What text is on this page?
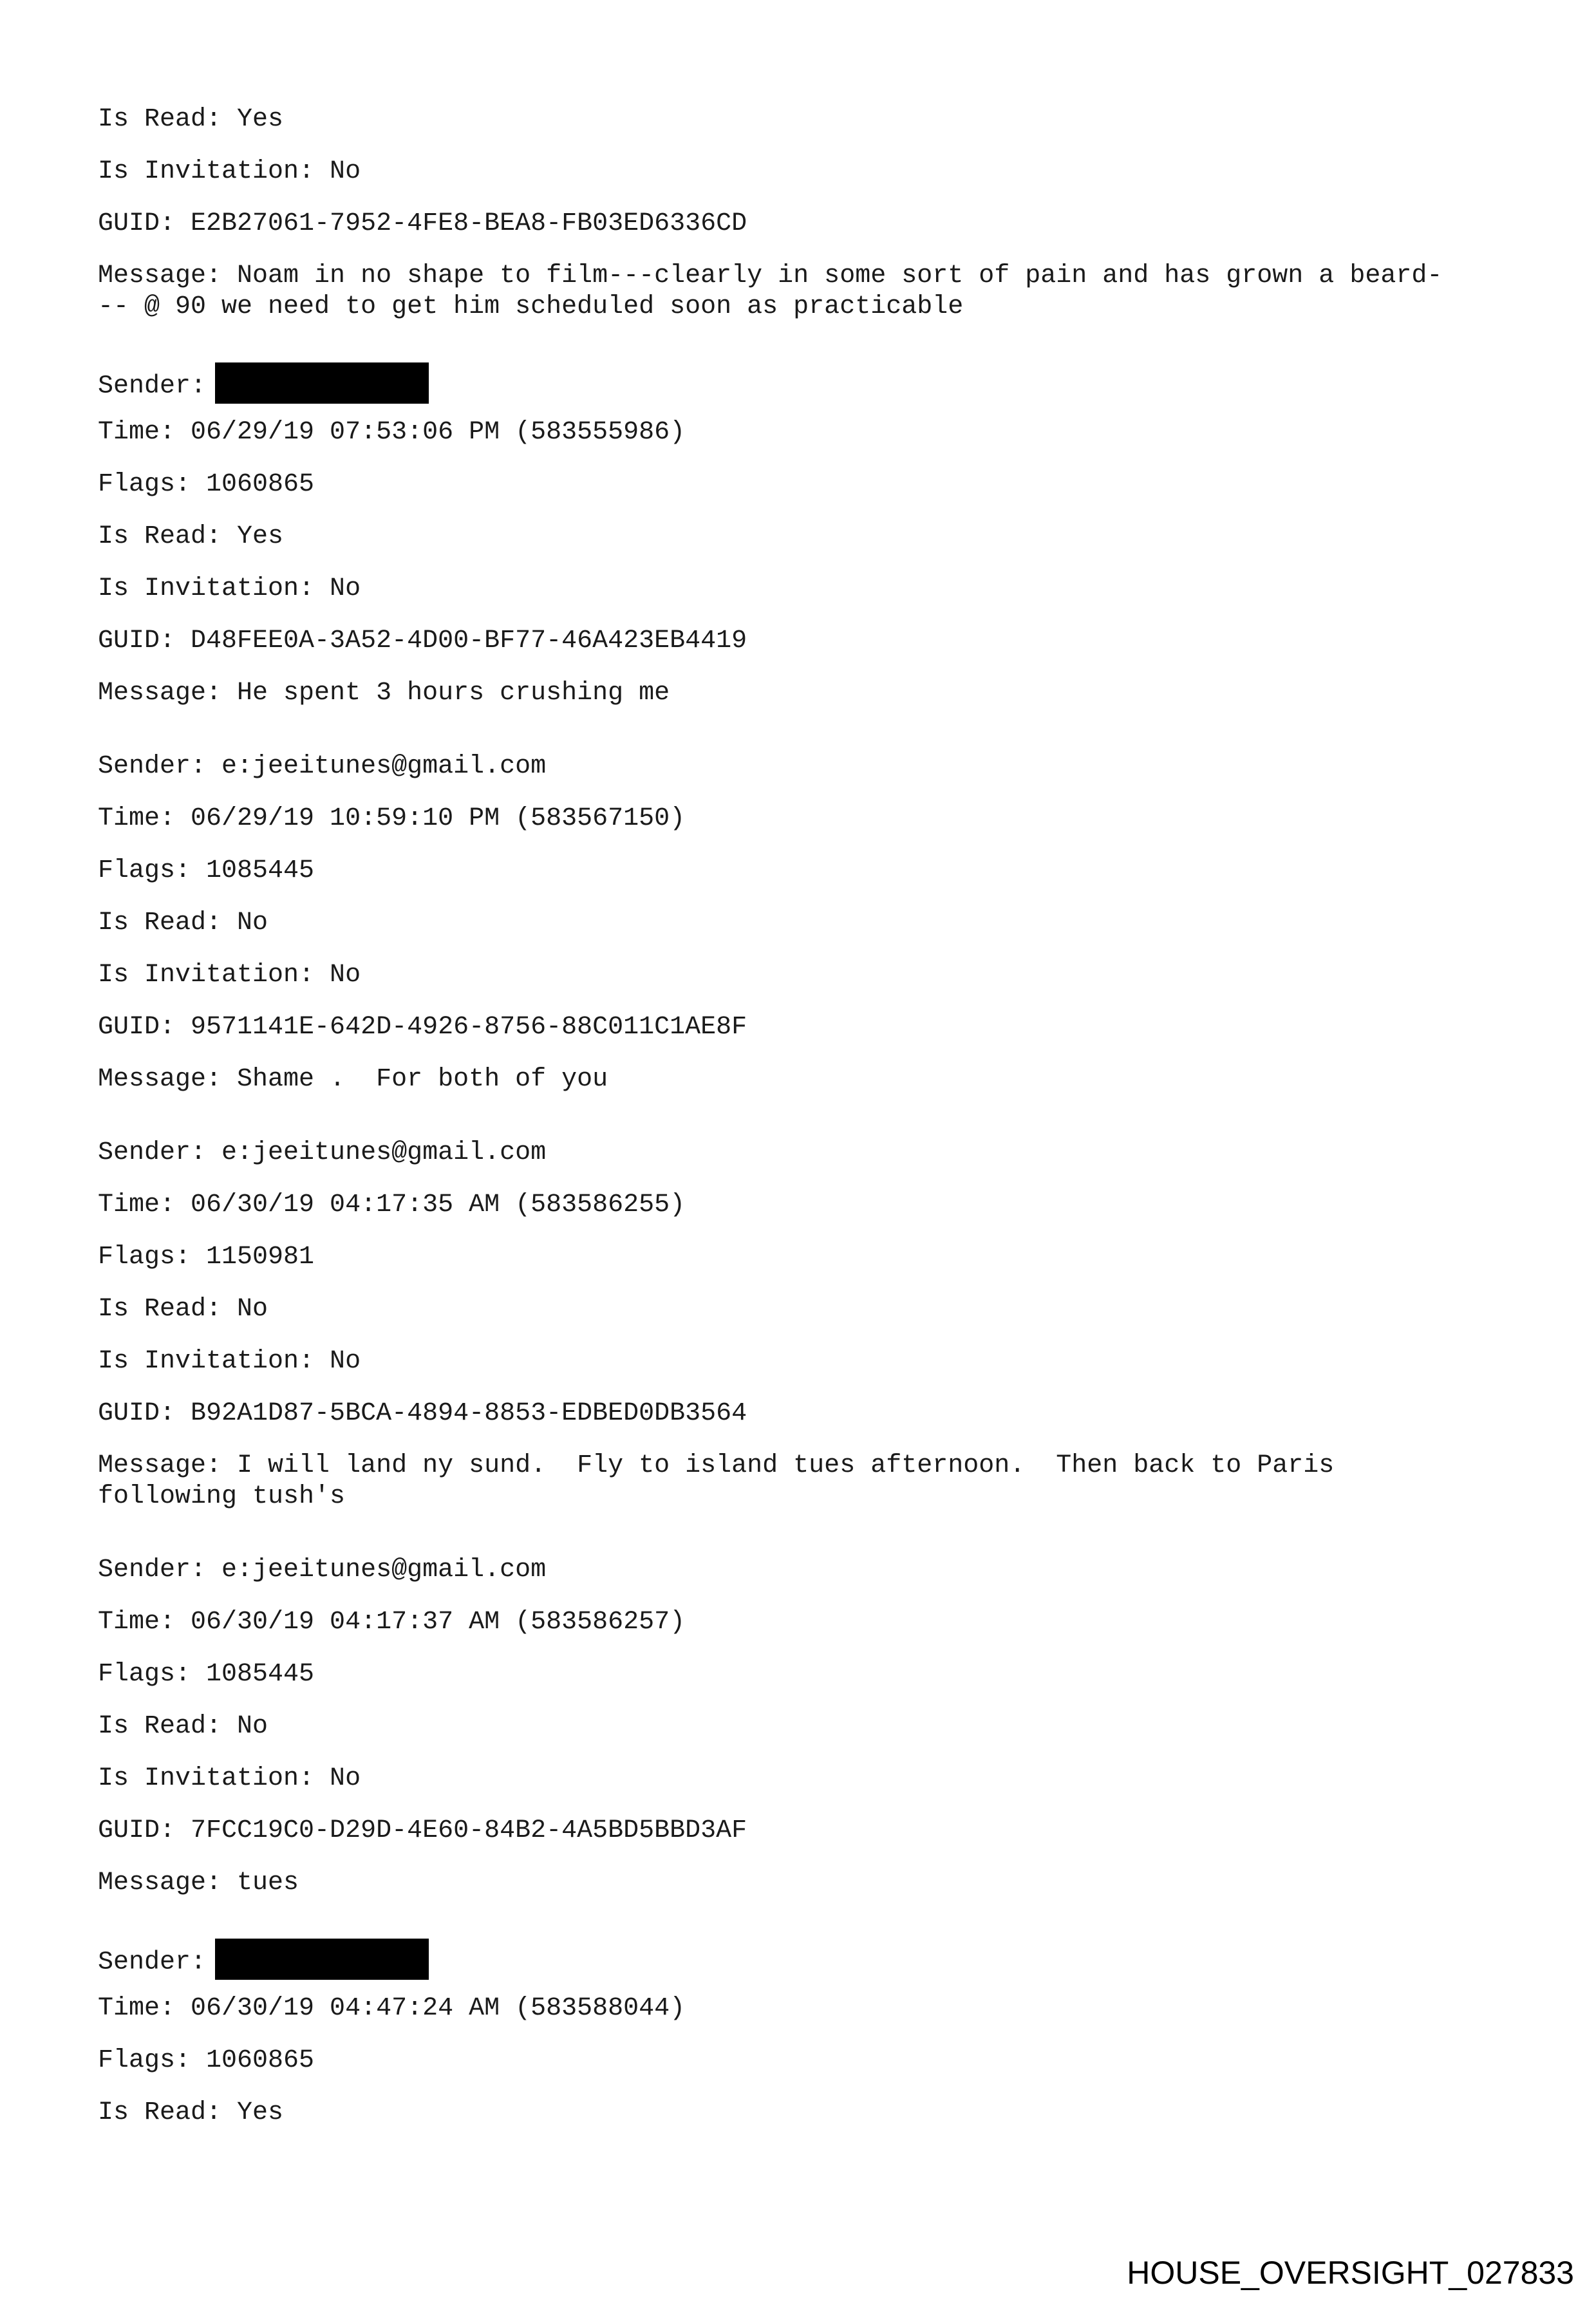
Is Read: Yes
Is Invitation: No
GUID: E2B27061-7952-4FE8-BEA8-FB03ED6336CD
Message: Noam in no shape to film---clearly in some sort of pain and has grown a beard-
-- @ 90 we need to get him scheduled soon as practicable
Sender:
Time: 06/29/19 07:53:06 PM (583555986)
Flags: 1060865
Is Read: Yes
Is Invitation: No
GUID: D48FEE0A-3A52-4D00-BF77-46A423EB4419
Message: He spent 3 hours crushing me
Sender: e:jeeitunes@gmail.com
Time: 06/29/19 10:59:10 PM (583567150)
Flags: 1085445
Is Read: No
Is Invitation: No
GUID: 9571141E-642D-4926-8756-88C011C1AE8F
Message: Shame .  For both of you
Sender: e:jeeitunes@gmail.com
Time: 06/30/19 04:17:35 AM (583586255)
Flags: 1150981
Is Read: No
Is Invitation: No
GUID: B92A1D87-5BCA-4894-8853-EDBED0DB3564
Message: I will land ny sund.  Fly to island tues afternoon.  Then back to Paris
following tush's
Sender: e:jeeitunes@gmail.com
Time: 06/30/19 04:17:37 AM (583586257)
Flags: 1085445
Is Read: No
Is Invitation: No
GUID: 7FCC19C0-D29D-4E60-84B2-4A5BD5BBD3AF
Message: tues
Sender:
Time: 06/30/19 04:47:24 AM (583588044)
Flags: 1060865
Is Read: Yes
HOUSE_OVERSIGHT_027833
